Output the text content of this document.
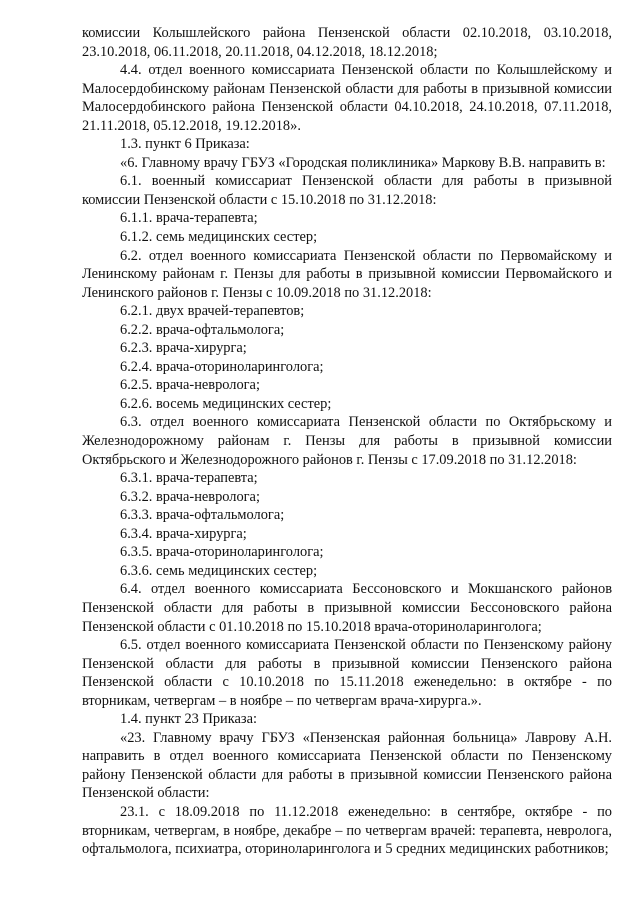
комиссии Колышлейского района Пензенской области 02.10.2018, 03.10.2018, 23.10.2018, 06.11.2018, 20.11.2018, 04.12.2018, 18.12.2018;

4.4. отдел военного комиссариата Пензенской области по Колышлейскому и Малосердобинскому районам Пензенской области для работы в призывной комиссии Малосердобинского района Пензенской области 04.10.2018, 24.10.2018, 07.11.2018, 21.11.2018, 05.12.2018, 19.12.2018».

1.3. пункт 6 Приказа:

«6. Главному врачу ГБУЗ «Городская поликлиника» Маркову В.В. направить в:

6.1. военный комиссариат Пензенской области для работы в призывной комиссии Пензенской области с 15.10.2018 по 31.12.2018:

6.1.1. врача-терапевта;

6.1.2. семь медицинских сестер;

6.2. отдел военного комиссариата Пензенской области по Первомайскому и Ленинскому районам г. Пензы для работы в призывной комиссии Первомайского и Ленинского районов г. Пензы с 10.09.2018 по 31.12.2018:

6.2.1. двух врачей-терапевтов;

6.2.2. врача-офтальмолога;

6.2.3. врача-хирурга;

6.2.4. врача-оториноларинголога;

6.2.5. врача-невролога;

6.2.6. восемь медицинских сестер;

6.3. отдел военного комиссариата Пензенской области по Октябрьскому и Железнодорожному районам г. Пензы для работы в призывной комиссии Октябрьского и Железнодорожного районов г. Пензы с 17.09.2018 по 31.12.2018:

6.3.1. врача-терапевта;

6.3.2. врача-невролога;

6.3.3. врача-офтальмолога;

6.3.4. врача-хирурга;

6.3.5. врача-оториноларинголога;

6.3.6. семь медицинских сестер;

6.4. отдел военного комиссариата Бессоновского и Мокшанского районов Пензенской области для работы в призывной комиссии Бессоновского района Пензенской области с 01.10.2018 по 15.10.2018 врача-оториноларинголога;

6.5. отдел военного комиссариата Пензенской области по Пензенскому району Пензенской области для работы в призывной комиссии Пензенского района Пензенской области с 10.10.2018 по 15.11.2018 еженедельно: в октябре - по вторникам, четвергам – в ноябре – по четвергам врача-хирурга.».

1.4. пункт 23 Приказа:

«23. Главному врачу ГБУЗ «Пензенская районная больница» Лаврову А.Н. направить в отдел военного комиссариата Пензенской области по Пензенскому району Пензенской области для работы в призывной комиссии Пензенского района Пензенской области:

23.1. с 18.09.2018 по 11.12.2018 еженедельно: в сентябре, октябре - по вторникам, четвергам, в ноябре, декабре – по четвергам врачей: терапевта, невролога, офтальмолога, психиатра, оториноларинголога и 5 средних медицинских работников;
